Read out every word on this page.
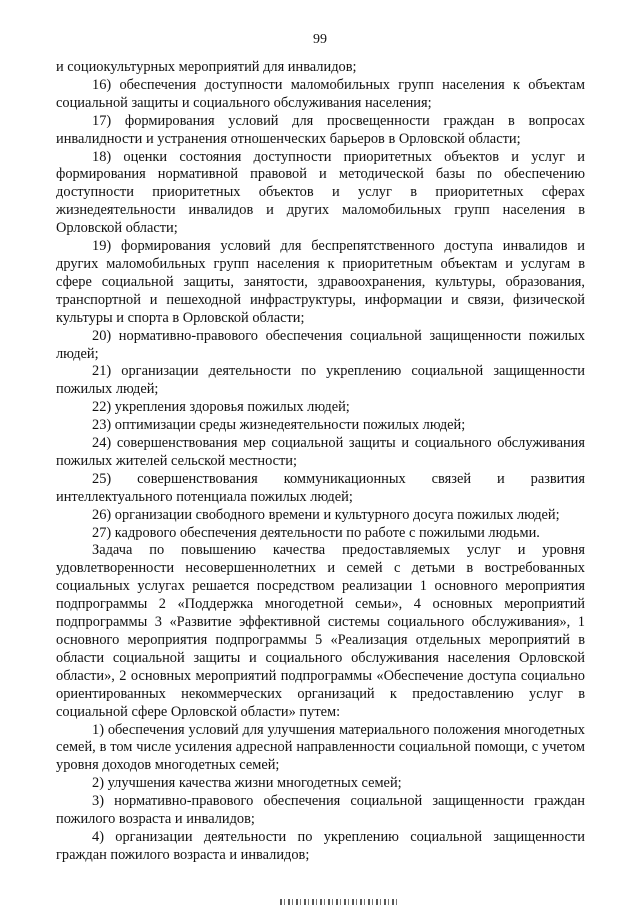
99

и социокультурных мероприятий для инвалидов;

16) обеспечения доступности маломобильных групп населения к объектам социальной защиты и социального обслуживания населения;

17) формирования условий для просвещенности граждан в вопросах инвалидности и устранения отношенческих барьеров в Орловской области;

18) оценки состояния доступности приоритетных объектов и услуг и формирования нормативной правовой и методической базы по обеспечению доступности приоритетных объектов и услуг в приоритетных сферах жизнедеятельности инвалидов и других маломобильных групп населения в Орловской области;

19) формирования условий для беспрепятственного доступа инвалидов и других маломобильных групп населения к приоритетным объектам и услугам в сфере социальной защиты, занятости, здравоохранения, культуры, образования, транспортной и пешеходной инфраструктуры, информации и связи, физической культуры и спорта в Орловской области;

20) нормативно-правового обеспечения социальной защищенности пожилых людей;

21) организации деятельности по укреплению социальной защищенности пожилых людей;

22) укрепления здоровья пожилых людей;

23) оптимизации среды жизнедеятельности пожилых людей;

24) совершенствования мер социальной защиты и социального обслуживания пожилых жителей сельской местности;

25) совершенствования коммуникационных связей и развития интеллектуального потенциала пожилых людей;

26) организации свободного времени и культурного досуга пожилых людей;

27) кадрового обеспечения деятельности по работе с пожилыми людьми.

Задача по повышению качества предоставляемых услуг и уровня удовлетворенности несовершеннолетних и семей с детьми в востребованных социальных услугах решается посредством реализации 1 основного мероприятия подпрограммы 2 «Поддержка многодетной семьи», 4 основных мероприятий подпрограммы 3 «Развитие эффективной системы социального обслуживания», 1 основного мероприятия подпрограммы 5 «Реализация отдельных мероприятий в области социальной защиты и социального обслуживания населения Орловской области», 2 основных мероприятий подпрограммы «Обеспечение доступа социально ориентированных некоммерческих организаций к предоставлению услуг в социальной сфере Орловской области» путем:

1) обеспечения условий для улучшения материального положения многодетных семей, в том числе усиления адресной направленности социальной помощи, с учетом уровня доходов многодетных семей;

2) улучшения качества жизни многодетных семей;

3) нормативно-правового обеспечения социальной защищенности граждан пожилого возраста и инвалидов;

4) организации деятельности по укреплению социальной защищенности граждан пожилого возраста и инвалидов;
